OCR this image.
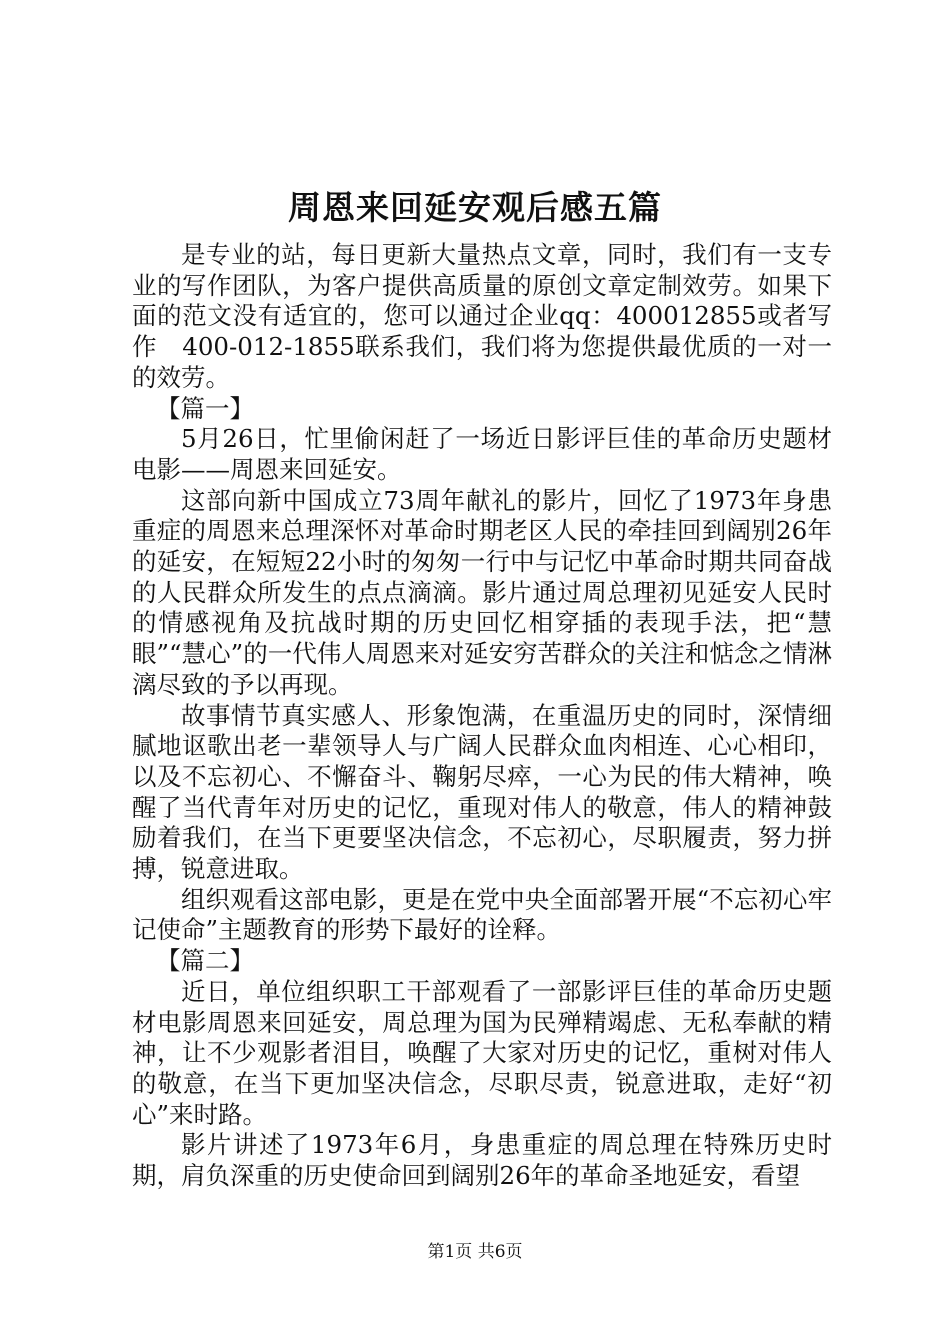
周恩来回延安观后感五篇

是专业的站，每日更新大量热点文章，同时，我们有一支专业的写作团队，为客户提供高质量的原创文章定制效劳。如果下面的范文没有适宜的，您可以通过企业qq：400012855或者写作　400-012-1855联系我们，我们将为您提供最优质的一对一的效劳。

【篇一】

5月26日，忙里偷闲赶了一场近日影评巨佳的革命历史题材电影——周恩来回延安。

这部向新中国成立73周年献礼的影片，回忆了1973年身患重症的周恩来总理深怀对革命时期老区人民的牵挂回到阔别26年的延安，在短短22小时的匆匆一行中与记忆中革命时期共同奋战的人民群众所发生的点点滴滴。影片通过周总理初见延安人民时的情感视角及抗战时期的历史回忆相穿插的表现手法，把“慧眼”“慧心”的一代伟人周恩来对延安穷苦群众的关注和惦念之情淋漓尽致的予以再现。

故事情节真实感人、形象饱满，在重温历史的同时，深情细腻地讴歌出老一辈领导人与广阔人民群众血肉相连、心心相印，以及不忘初心、不懈奋斗、鞠躬尽瘁，一心为民的伟大精神，唤醒了当代青年对历史的记忆，重现对伟人的敬意，伟人的精神鼓励着我们，在当下更要坚决信念，不忘初心，尽职履责，努力拼搏，锐意进取。

组织观看这部电影，更是在党中央全面部署开展“不忘初心牢记使命”主题教育的形势下最好的诠释。

【篇二】

近日，单位组织职工干部观看了一部影评巨佳的革命历史题材电影周恩来回延安，周总理为国为民殚精竭虑、无私奉献的精神，让不少观影者泪目，唤醒了大家对历史的记忆，重树对伟人的敬意，在当下更加坚决信念，尽职尽责，锐意进取，走好“初心”来时路。

影片讲述了1973年6月，身患重症的周总理在特殊历史时期，肩负深重的历史使命回到阔别26年的革命圣地延安，看望

第1页 共6页
